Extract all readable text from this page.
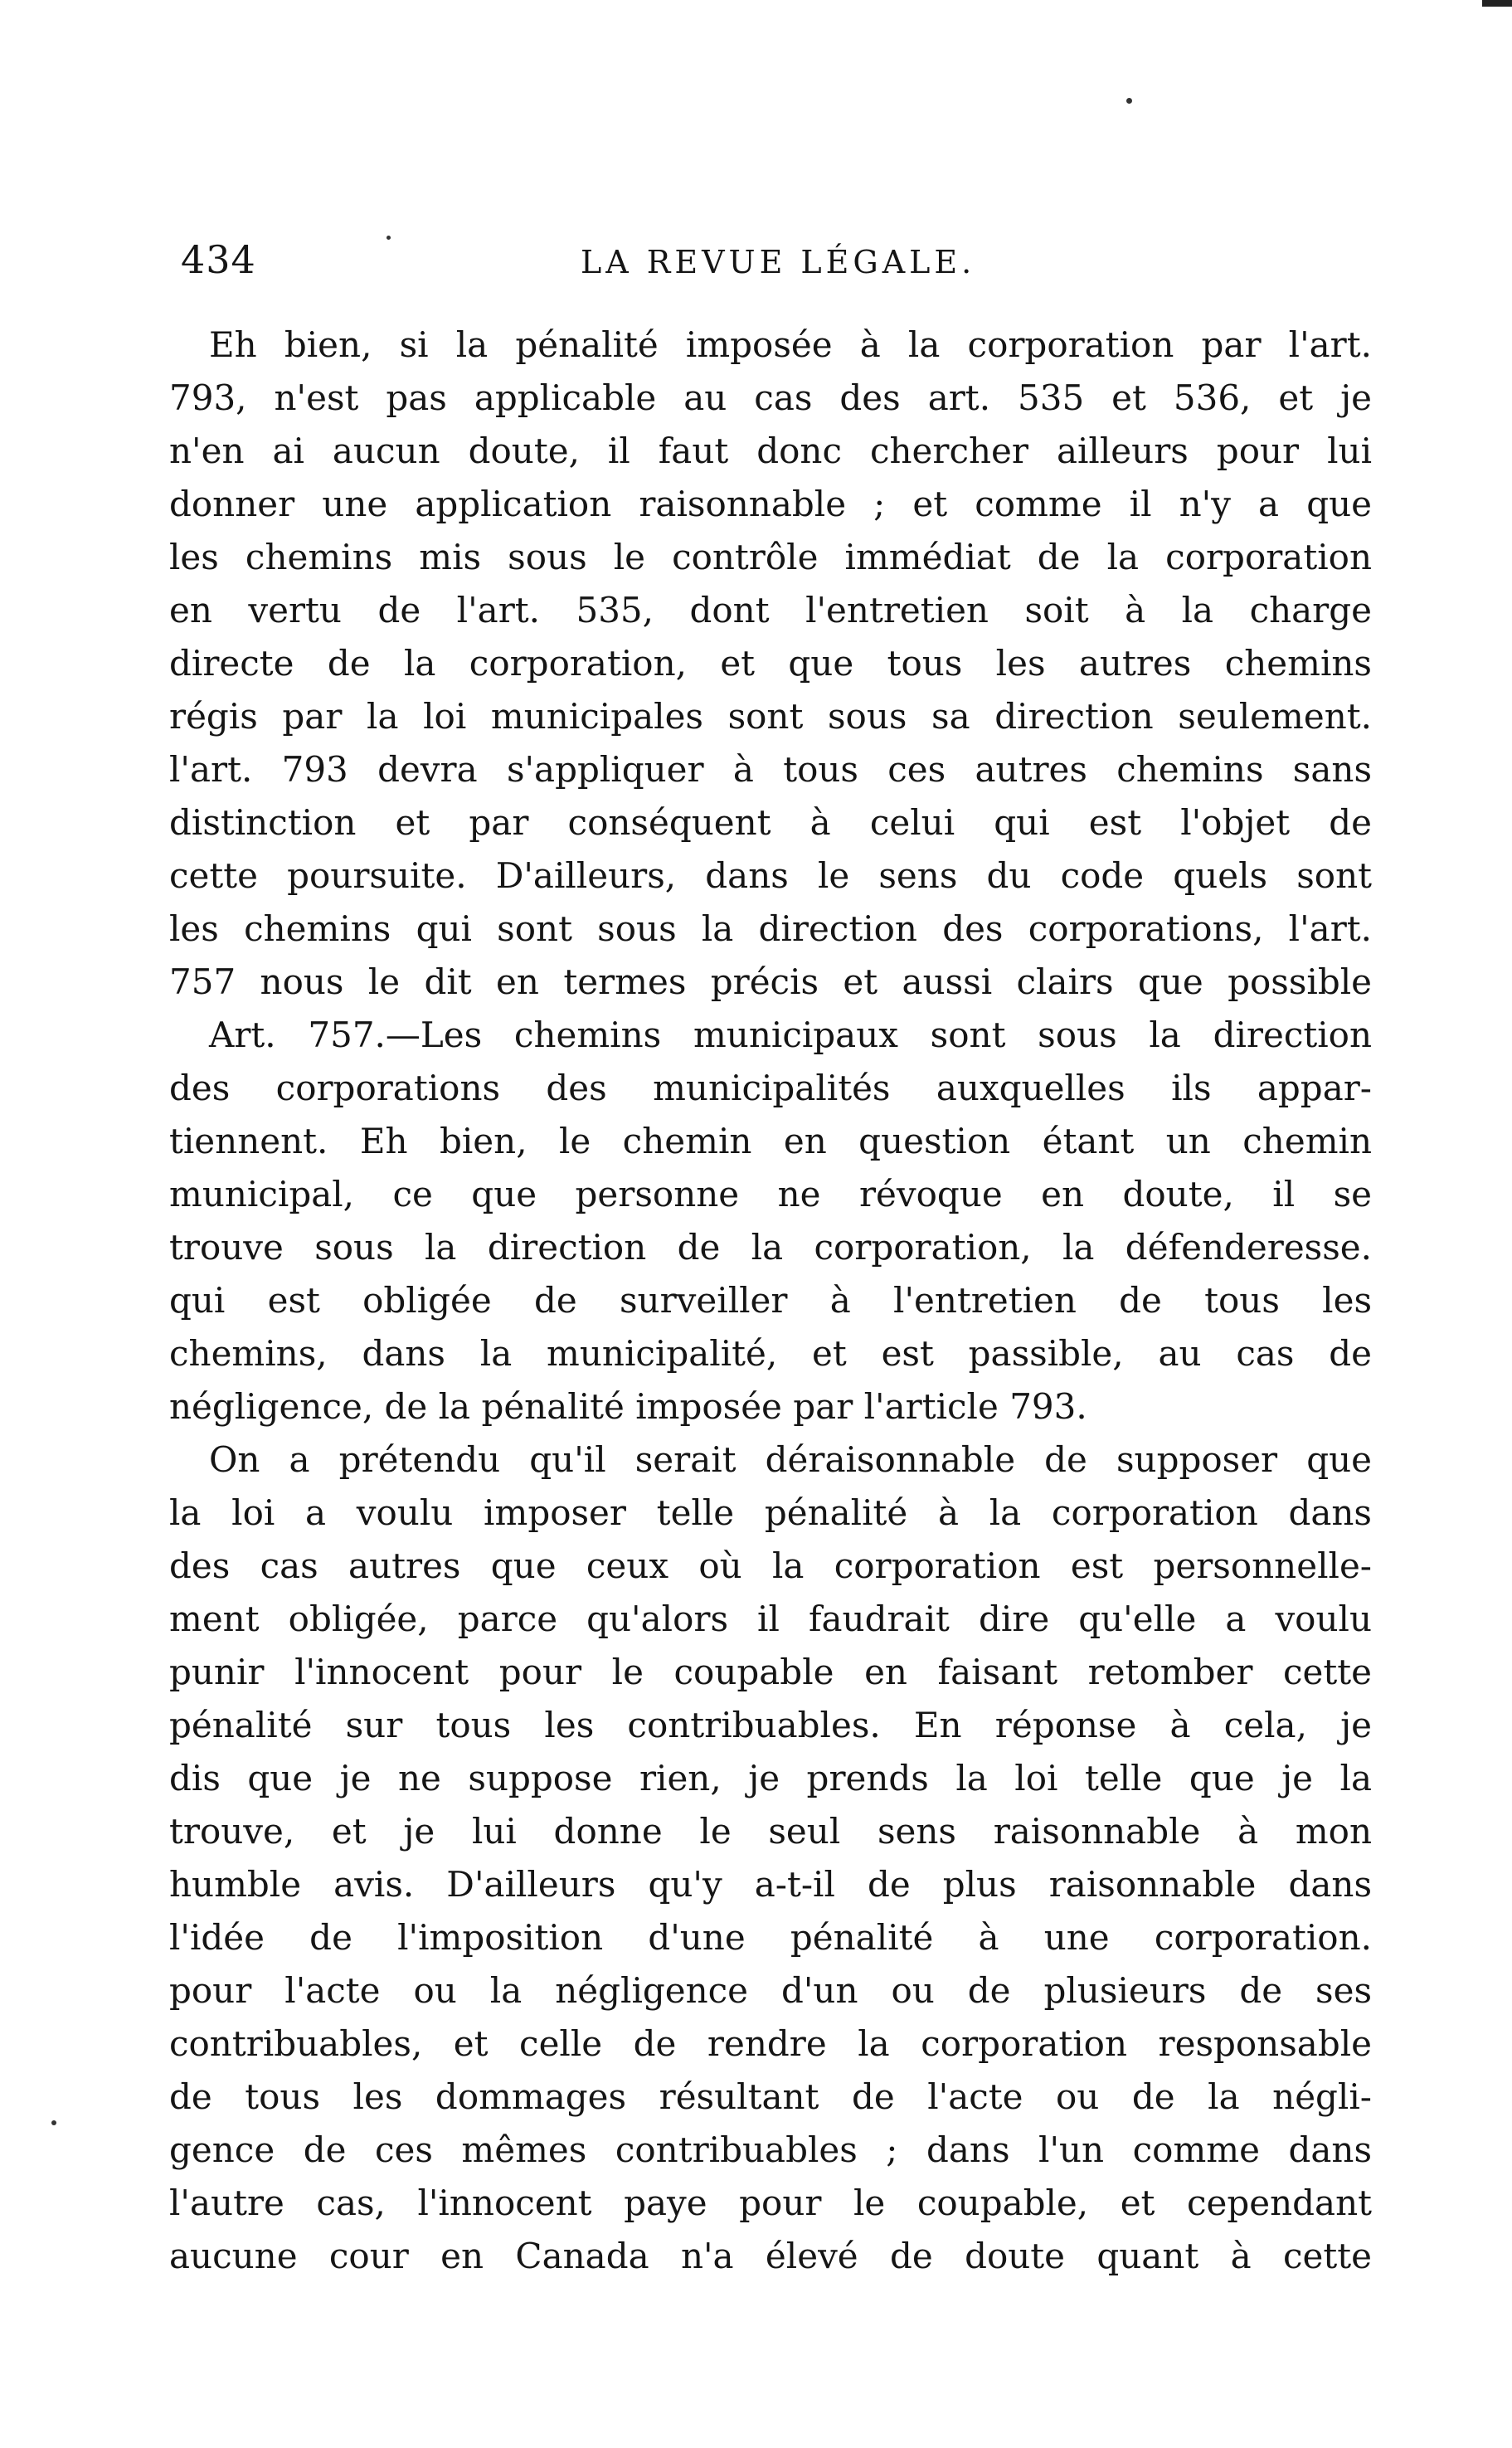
434	LA REVUE LÉGALE.
Eh bien, si la pénalité imposée à la corporation par l'art.
793, n'est pas applicable au cas des art. 535 et 536, et je
n'en ai aucun doute, il faut donc chercher ailleurs pour lui
donner une application raisonnable ; et comme il n'y a que
les chemins mis sous le contrôle immédiat de la corporation
en vertu de l'art. 535, dont l'entretien soit à la charge
directe de la corporation, et que tous les autres chemins
régis par la loi municipales sont sous sa direction seulement.
l'art. 793 devra s'appliquer à tous ces autres chemins sans
distinction et par conséquent à celui qui est l'objet de
cette poursuite. D'ailleurs, dans le sens du code quels sont
les chemins qui sont sous la direction des corporations, l'art.
757 nous le dit en termes précis et aussi clairs que possible
Art. 757.—Les chemins municipaux sont sous la direction
des corporations des municipalités auxquelles ils appar-
tiennent. Eh bien, le chemin en question étant un chemin
municipal, ce que personne ne révoque en doute, il se
trouve sous la direction de la corporation, la défenderesse.
qui est obligée de surveiller à l'entretien de tous les
chemins, dans la municipalité, et est passible, au cas de
négligence, de la pénalité imposée par l'article 793.
On a prétendu qu'il serait déraisonnable de supposer que
la loi a voulu imposer telle pénalité à la corporation dans
des cas autres que ceux où la corporation est personnelle-
ment obligée, parce qu'alors il faudrait dire qu'elle a voulu
punir l'innocent pour le coupable en faisant retomber cette
pénalité sur tous les contribuables. En réponse à cela, je
dis que je ne suppose rien, je prends la loi telle que je la
trouve, et je lui donne le seul sens raisonnable à mon
humble avis. D'ailleurs qu'y a-t-il de plus raisonnable dans
l'idée de l'imposition d'une pénalité à une corporation.
pour l'acte ou la négligence d'un ou de plusieurs de ses
contribuables, et celle de rendre la corporation responsable
de tous les dommages résultant de l'acte ou de la négli-
gence de ces mêmes contribuables ; dans l'un comme dans
l'autre cas, l'innocent paye pour le coupable, et cependant
aucune cour en Canada n'a élevé de doute quant à cette
